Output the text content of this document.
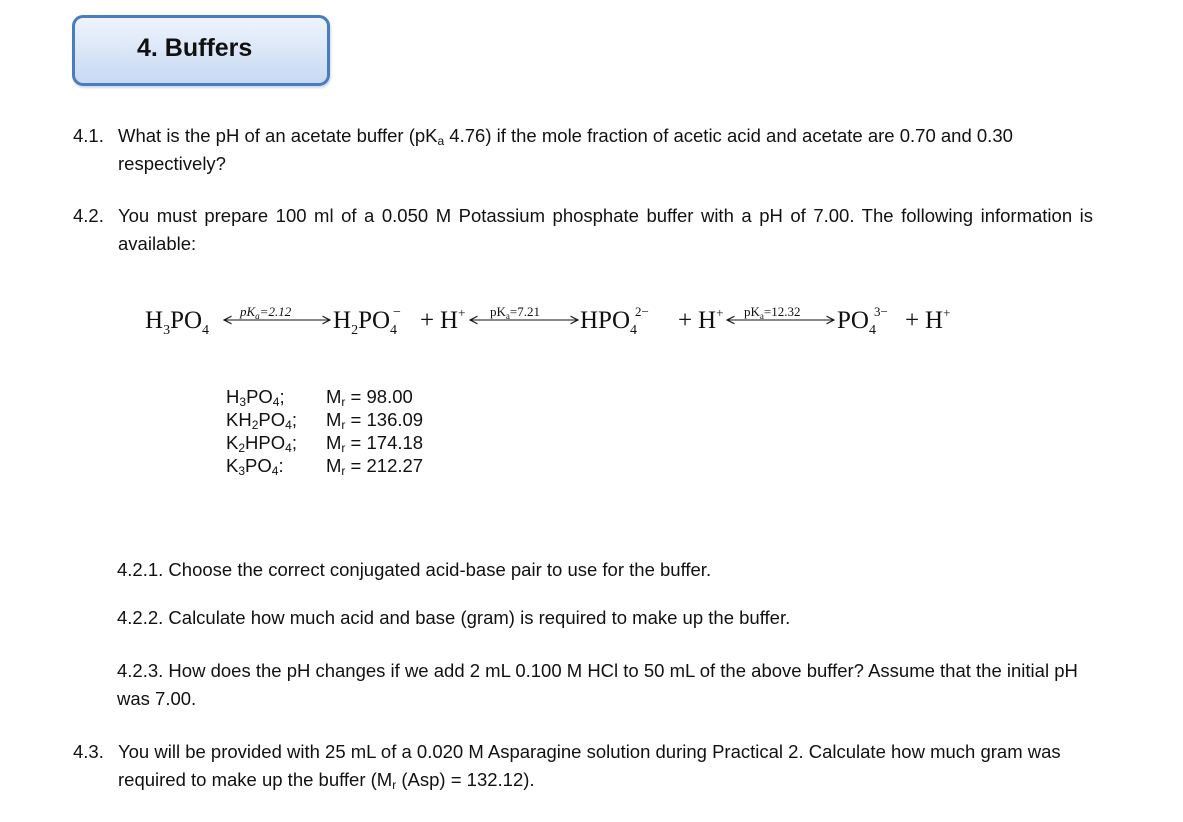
4. Buffers
4.1. What is the pH of an acetate buffer ($pK_a$ 4.76) if the mole fraction of acetic acid and acetate are 0.70 and 0.30 respectively?
4.2. You must prepare 100 ml of a 0.050 M Potassium phosphate buffer with a pH of 7.00. The following information is available:
$H_3PO_4$
$pK_a=2.12$ $H_2PO_4- + H^+$ $pK_a=7.21$ $HPO_42- + H^+$ $pK_a=12.32$ $PO_43- + H^+$
$H_3PO_4$; $M_r = 98.00$
$KH_2PO_4$; $M_r = 136.09$
$K_2HPO_4$; $M_r = 174.18$
$K_3PO_4$: $M_r = 212.27$
4.2.1. Choose the correct conjugated acid-base pair to use for the buffer.
4.2.2. Calculate how much acid and base (gram) is required to make up the buffer.
4.2.3. How does the pH changes if we add 2 mL 0.100 M HCl to 50 mL of the above buffer? Assume that the initial pH was 7.00.
4.3. You will be provided with 25 mL of a 0.020 M Asparagine solution during Practical 2. Calculate how much gram was required to make up the buffer ($M_r$ (Asp) = 132.12).
